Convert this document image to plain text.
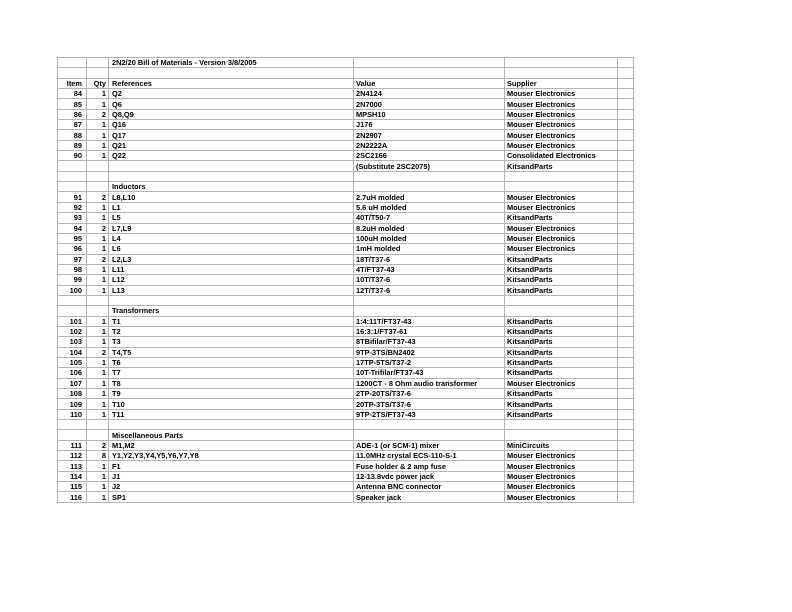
		2N2/20 Bill of Materials - Version 3/8/2005			

Item	Qty	References	Value	Supplier	
84	1	Q2	2N4124	Mouser Electronics	
85	1	Q6	2N7000	Mouser Electronics	
86	2	Q8,Q9	MPSH10	Mouser Electronics	
87	1	Q16	J176	Mouser Electronics	
88	1	Q17	2N2907	Mouser Electronics	
89	1	Q21	2N2222A	Mouser Electronics	
90	1	Q22	2SC2166	Consolidated Electronics	
			(Substitute 2SC2075)	KitsandParts	

		Inductors			
91	2	L8,L10	2.7uH molded	Mouser Electronics	
92	1	L1	5.6 uH molded	Mouser Electronics	
93	1	L5	40T/T50-7	KitsandParts	
94	2	L7,L9	8.2uH molded	Mouser Electronics	
95	1	L4	100uH molded	Mouser Electronics	
96	1	L6	1mH molded	Mouser Electronics	
97	2	L2,L3	18T/T37-6	KitsandParts	
98	1	L11	4T/FT37-43	KitsandParts	
99	1	L12	10T/T37-6	KitsandParts	
100	1	L13	12T/T37-6	KitsandParts	

		Transformers			
101	1	T1	1:4:11T/FT37-43	KitsandParts	
102	1	T2	16:3:1/FT37-61	KitsandParts	
103	1	T3	8TBifilar/FT37-43	KitsandParts	
104	2	T4,T5	9TP-3TS/BN2402	KitsandParts	
105	1	T6	17TP-5TS/T37-2	KitsandParts	
106	1	T7	10T-Trifilar/FT37-43	KitsandParts	
107	1	T8	1200CT - 8 Ohm audio transformer	Mouser Electronics	
108	1	T9	2TP-20TS/T37-6	KitsandParts	
109	1	T10	20TP-3TS/T37-6	KitsandParts	
110	1	T11	9TP-2TS/FT37-43	KitsandParts	

		Miscellaneous Parts			
111	2	M1,M2	ADE-1 (or SCM-1) mixer	MiniCircuits	
112	8	Y1,Y2,Y3,Y4,Y5,Y6,Y7,Y8	11.0MHz crystal ECS-110-S-1	Mouser Electronics	
113	1	F1	Fuse holder & 2 amp fuse	Mouser Electronics	
114	1	J1	12-13.8vdc power jack	Mouser Electronics	
115	1	J2	Antenna BNC connector	Mouser Electronics	
116	1	SP1	Speaker jack	Mouser Electronics	
